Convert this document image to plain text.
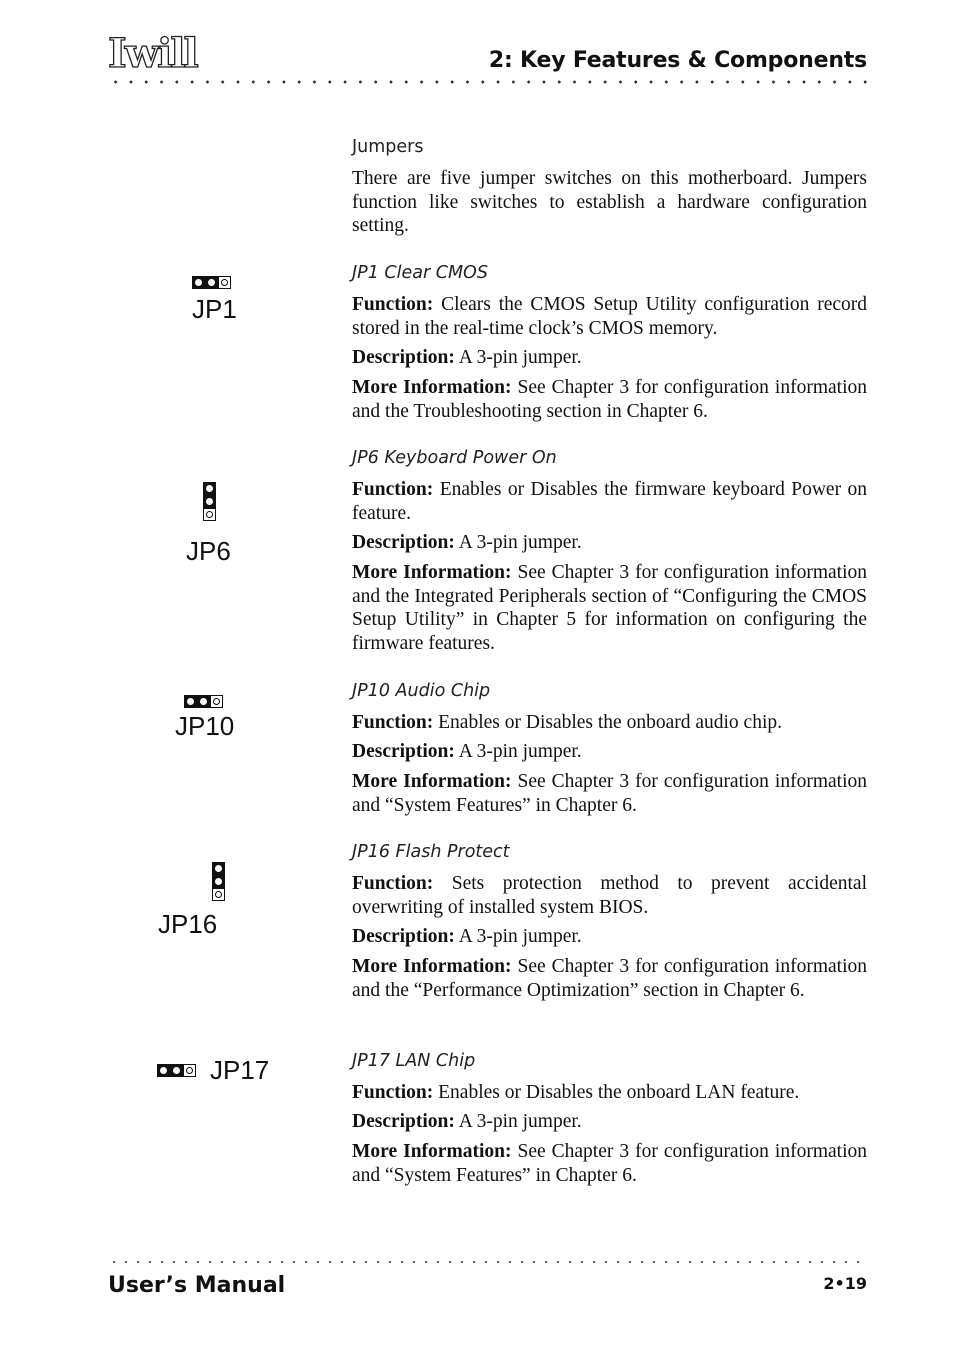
Iwill	2: Key Features & Components
Jumpers

There are five jumper switches on this motherboard. Jumpers function like switches to establish a hardware configuration setting.

JP1
JP1 Clear CMOS

Function: Clears the CMOS Setup Utility configuration record stored in the real-time clock’s CMOS memory.

Description: A 3-pin jumper.

More Information: See Chapter 3 for configuration information and the Troubleshooting section in Chapter 6.

JP6
JP6 Keyboard Power On

Function: Enables or Disables the firmware keyboard Power on feature.

Description: A 3-pin jumper.

More Information: See Chapter 3 for configuration information and the Integrated Peripherals section of “Configuring the CMOS Setup Utility” in Chapter 5 for information on configuring the firmware features.

JP10
JP10 Audio Chip

Function: Enables or Disables the onboard audio chip.

Description: A 3-pin jumper.

More Information: See Chapter 3 for configuration information and “System Features” in Chapter 6.

JP16
JP16 Flash Protect

Function: Sets protection method to prevent accidental overwriting of installed system BIOS.

Description: A 3-pin jumper.

More Information: See Chapter 3 for configuration information and the “Performance Optimization” section in Chapter 6.

JP17	JP17 LAN Chip

Function: Enables or Disables the onboard LAN feature.

Description: A 3-pin jumper.

More Information: See Chapter 3 for configuration information and “System Features” in Chapter 6.

User’s Manual	2•19
